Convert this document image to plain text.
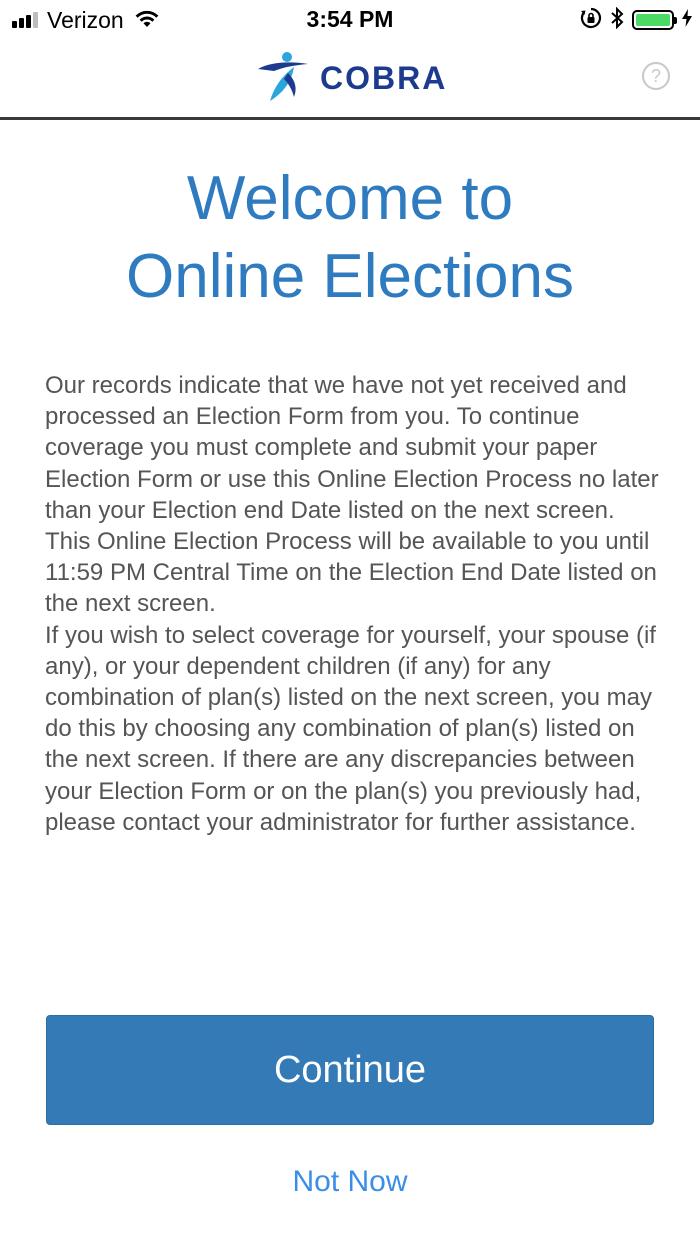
Verizon	3:54 PM
COBRA	?
Welcome to
Online Elections

Our records indicate that we have not yet received and processed an Election Form from you. To continue coverage you must complete and submit your paper Election Form or use this Online Election Process no later than your Election end Date listed on the next screen. This Online Election Process will be available to you until 11:59 PM Central Time on the Election End Date listed on the next screen.

If you wish to select coverage for yourself, your spouse (if any), or your dependent children (if any) for any combination of plan(s) listed on the next screen, you may do this by choosing any combination of plan(s) listed on the next screen. If there are any discrepancies between your Election Form or on the plan(s) you previously had, please contact your administrator for further assistance.

Continue
Not Now
